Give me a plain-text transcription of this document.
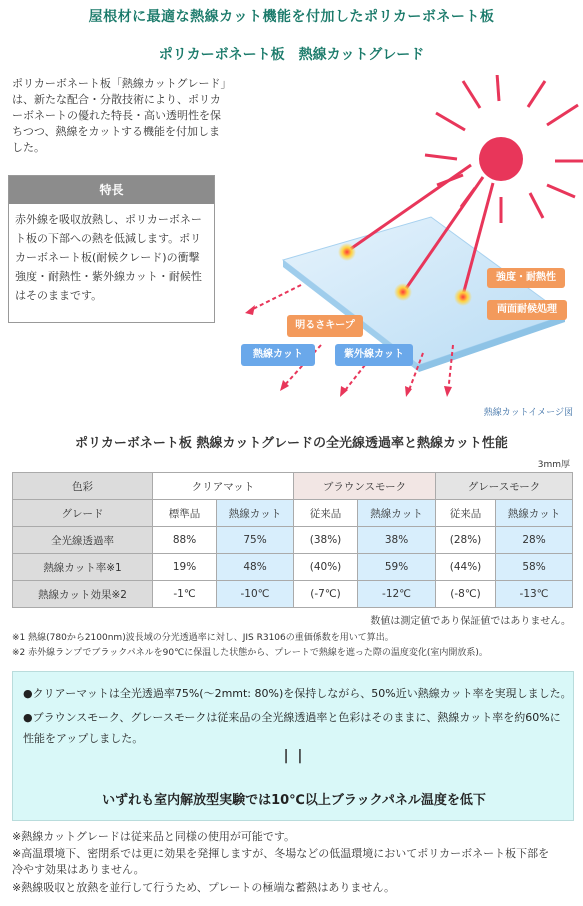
屋根材に最適な熱線カット機能を付加したポリカーボネート板
ポリカーボネート板　熱線カットグレード
ポリカーボネート板「熱線カットグレード」は、新たな配合・分散技術により、ポリカーボネートの優れた特長・高い透明性を保ちつつ、熱線をカットする機能を付加しました。
特長
赤外線を吸収放熱し、ポリカーボネート板の下部への熱を低減します。ポリカーボネート板(耐候クレード)の衝撃強度・耐熱性・紫外線カット・耐候性はそのままです。
強度・耐熱性
両面耐候処理
明るさキープ
熱線カット	紫外線カット
熱線カットイメージ図
ポリカーボネート板 熱線カットグレードの全光線透過率と熱線カット性能
3mm厚
色彩	クリアマット		ブラウンスモーク		グレースモーク	
グレード	標準品	熱線カット	従来品	熱線カット	従来品	熱線カット
全光線透過率	88%	75%	(38%)	38%	(28%)	28%
熱線カット率※1	19%	48%	(40%)	59%	(44%)	58%
熱線カット効果※2	-1℃	-10℃	(-7℃)	-12℃	(-8℃)	-13℃
数値は測定値であり保証値ではありません。
※1 熱線(780から2100nm)波長域の分光透過率に対し、JIS R3106の重価係数を用いて算出。
※2 赤外線ランプでブラックパネルを90℃に保温した状態から、プレートで熱線を遮った際の温度変化(室内開放系)。
●クリアーマットは全光透過率75%(～2mmt: 80%)を保持しながら、50%近い熱線カット率を実現しました。
●ブラウンスモーク、グレースモークは従来品の全光線透過率と色彩はそのままに、熱線カット率を約60%に
性能をアップしました。
| |
いずれも室内解放型実験では10℃以上ブラックパネル温度を低下
※熱線カットグレードは従来品と同様の使用が可能です。
※高温環境下、密閉系では更に効果を発揮しますが、冬場などの低温環境においてポリカーボネート板下部を
冷やす効果はありません。
※熱線吸収と放熱を並行して行うため、プレートの極端な蓄熱はありません。
